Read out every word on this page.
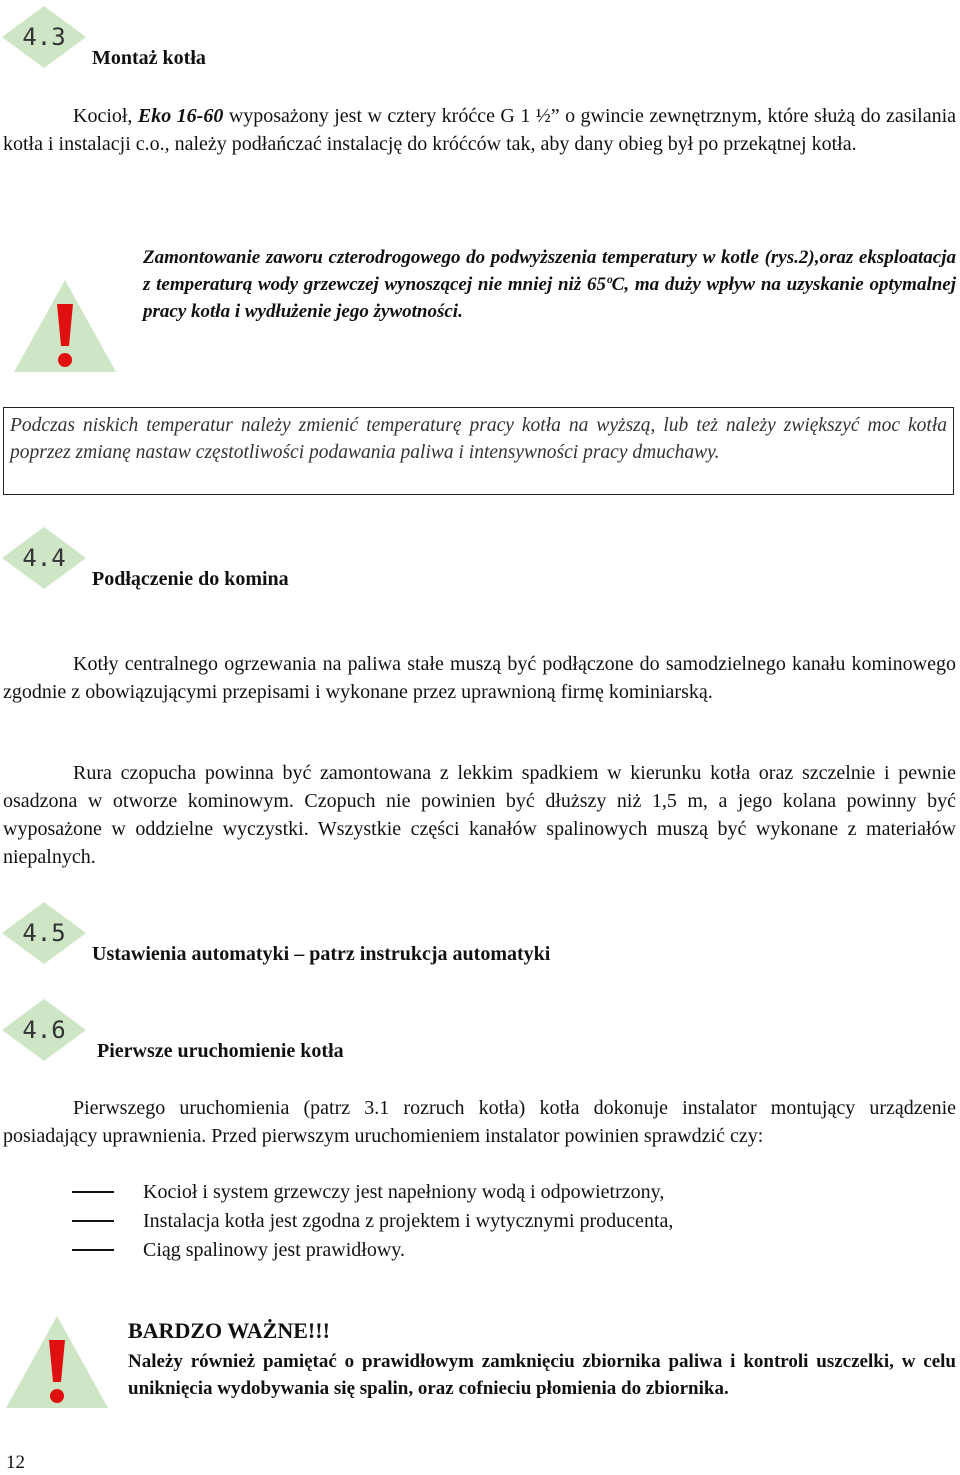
4.3
Montaż kotła
Kocioł, Eko 16-60 wyposażony jest w cztery króćce G 1 ½” o gwincie zewnętrznym, które służą do zasilania kotła i instalacji c.o., należy podłańczać instalację do króćców tak, aby dany obieg był po przekątnej kotła.
Zamontowanie zaworu czterodrogowego do podwyższenia temperatury w kotle (rys.2),oraz eksploatacja z temperaturą wody grzewczej wynoszącej nie mniej niż 65ºC, ma duży wpływ na uzyskanie optymalnej pracy kotła i wydłużenie jego żywotności.
Podczas niskich temperatur należy zmienić temperaturę pracy kotła na wyższą, lub też należy zwiększyć moc kotła poprzez zmianę nastaw częstotliwości podawania paliwa i intensywności pracy dmuchawy.
4.4
Podłączenie do komina
Kotły centralnego ogrzewania na paliwa stałe muszą być podłączone do samodzielnego kanału kominowego zgodnie z obowiązującymi przepisami i wykonane przez uprawnioną firmę kominiarską.
Rura czopucha powinna być zamontowana z lekkim spadkiem w kierunku kotła oraz szczelnie i pewnie osadzona w otworze kominowym. Czopuch nie powinien być dłuższy niż 1,5 m, a jego kolana powinny być wyposażone w oddzielne wyczystki. Wszystkie części kanałów spalinowych muszą być wykonane z materiałów niepalnych.
4.5
Ustawienia automatyki – patrz instrukcja automatyki
4.6
Pierwsze uruchomienie kotła
Pierwszego uruchomienia (patrz 3.1 rozruch kotła) kotła dokonuje instalator montujący urządzenie posiadający uprawnienia. Przed pierwszym uruchomieniem instalator powinien sprawdzić czy:
Kocioł i system grzewczy jest napełniony wodą i odpowietrzony,
Instalacja kotła jest zgodna z projektem i wytycznymi producenta,
Ciąg spalinowy jest prawidłowy.
BARDZO WAŻNE!!!
Należy również pamiętać o prawidłowym zamknięciu zbiornika paliwa i kontroli uszczelki, w celu uniknięcia wydobywania się spalin, oraz cofnieciu płomienia do zbiornika.
12
